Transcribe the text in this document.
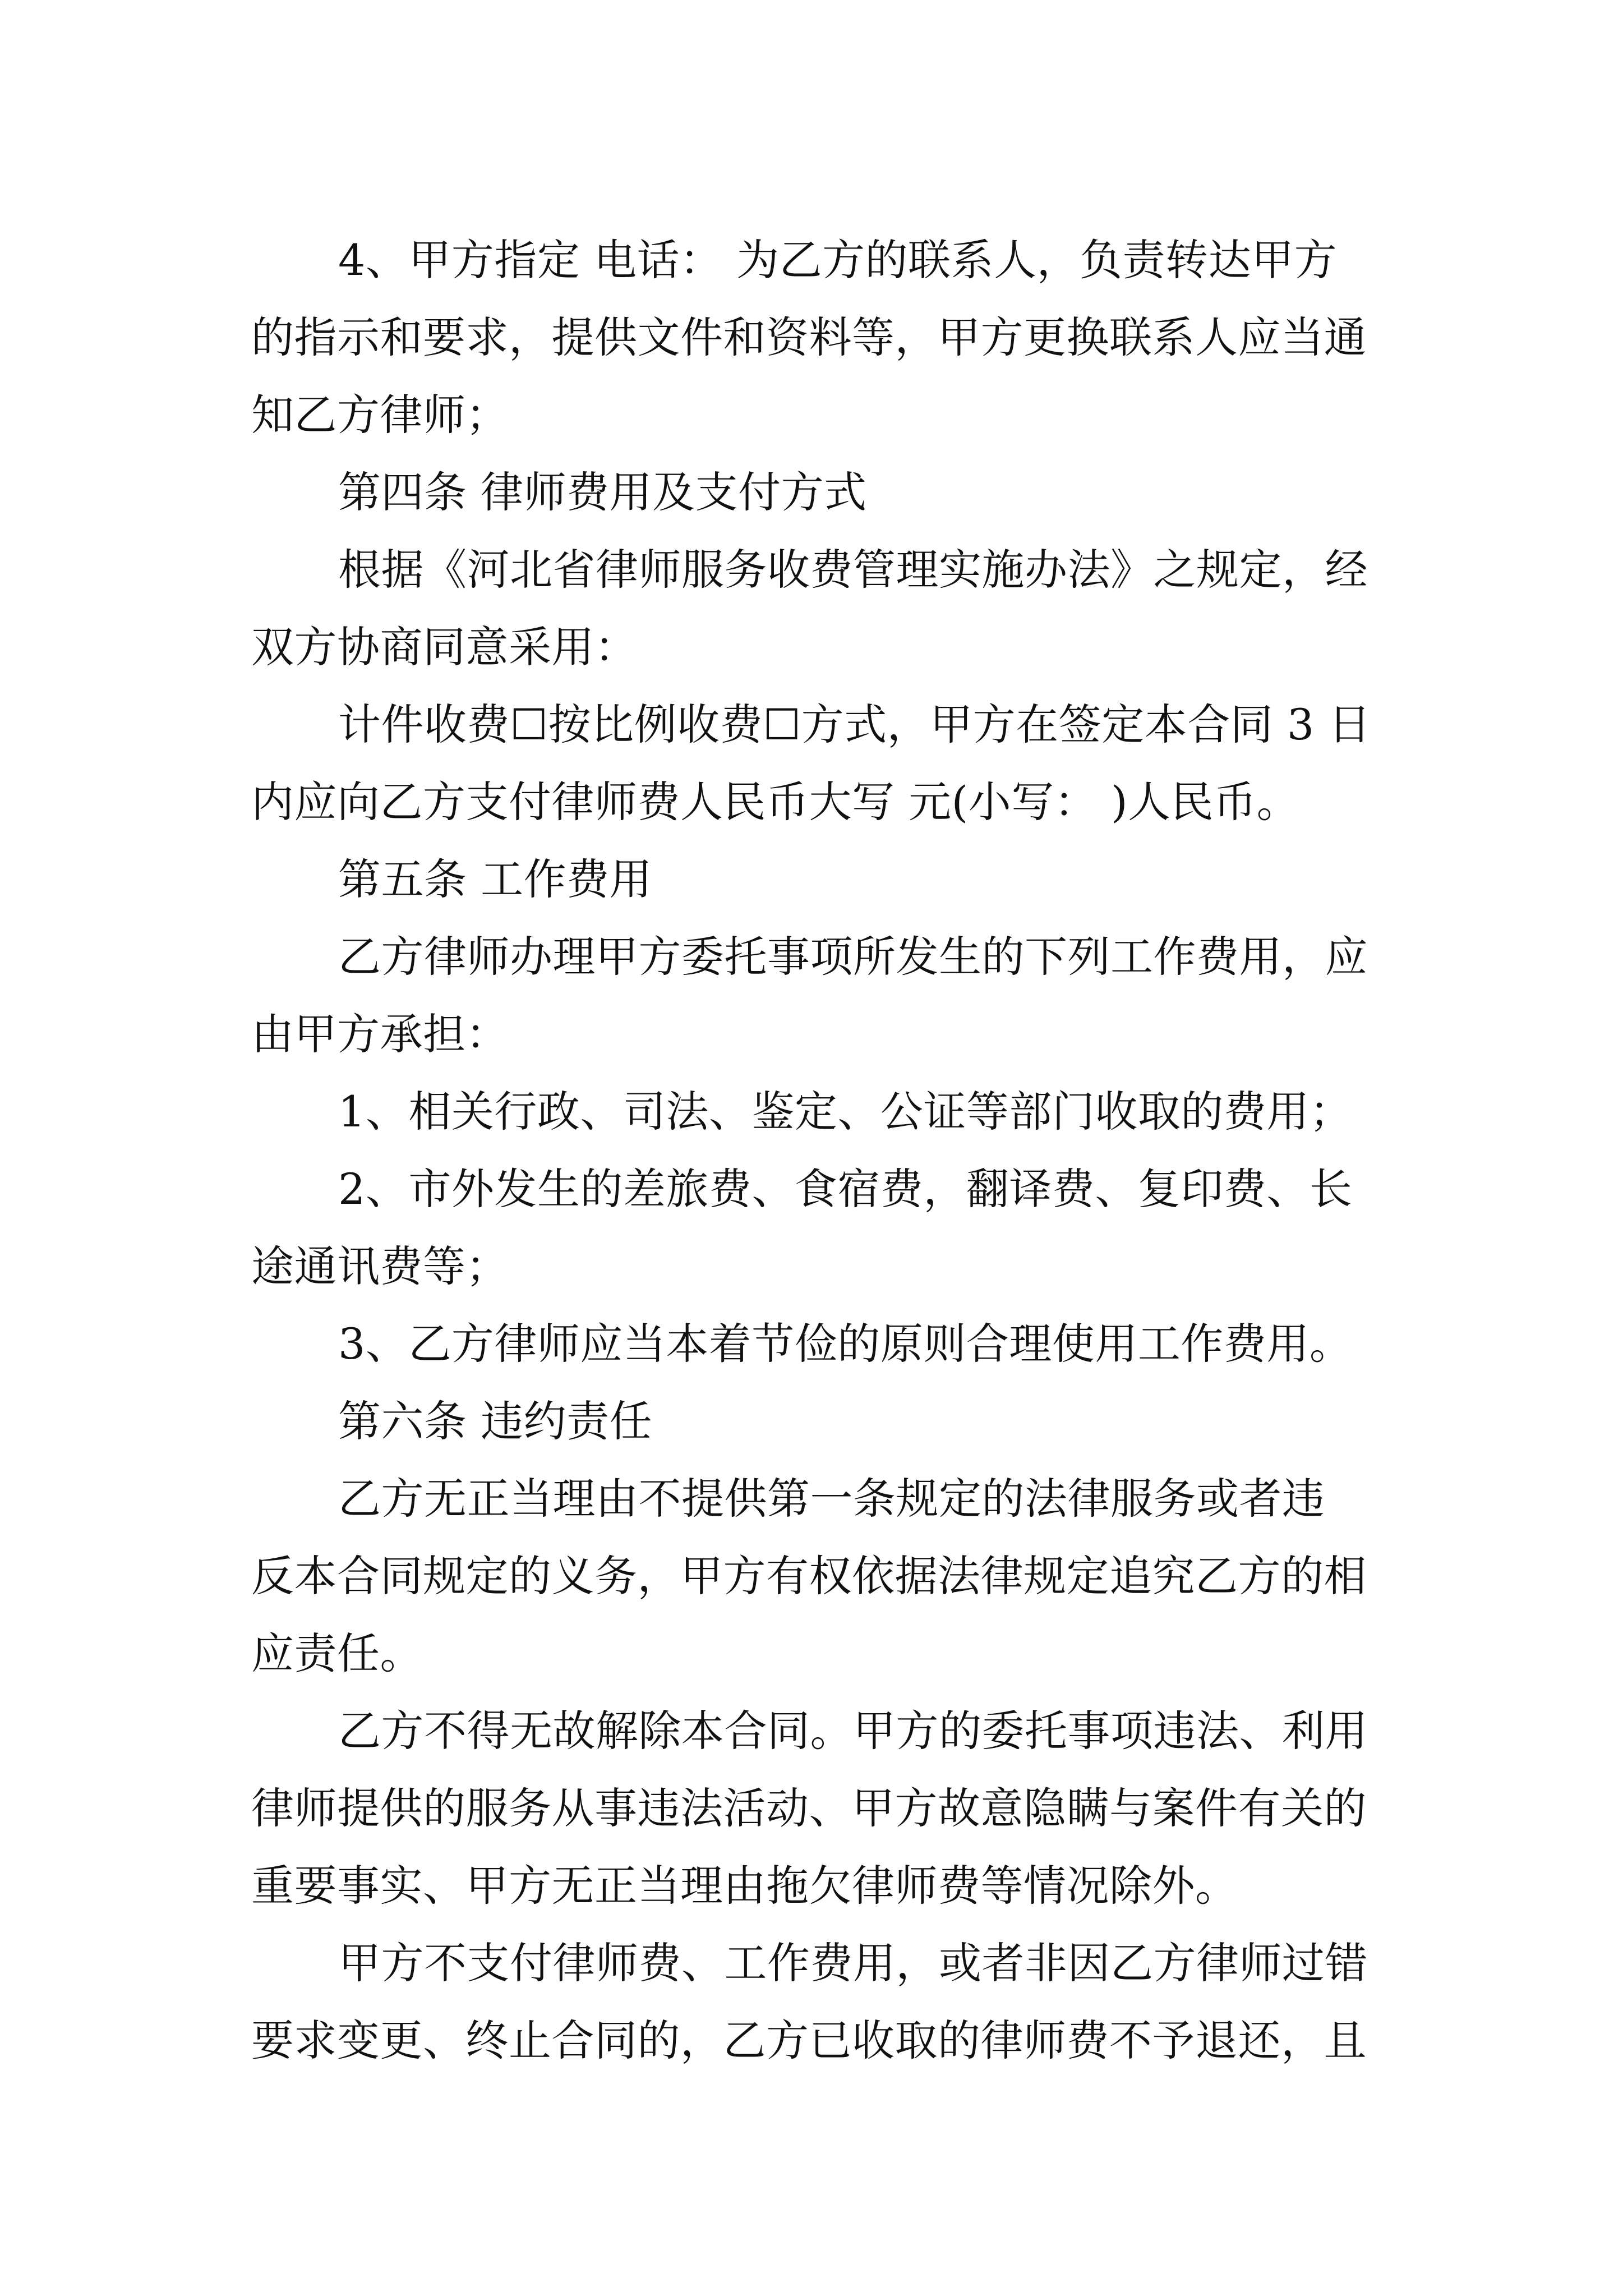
4、甲方指定 电话： 为乙方的联系人，负责转达甲方
的指示和要求，提供文件和资料等，甲方更换联系人应当通
知乙方律师；
第四条 律师费用及支付方式
根据《河北省律师服务收费管理实施办法》之规定，经
双方协商同意采用：
计件收费☐按比例收费☐方式，甲方在签定本合同 3 日
内应向乙方支付律师费人民币大写 元(小写： )人民币。
第五条 工作费用
乙方律师办理甲方委托事项所发生的下列工作费用，应
由甲方承担：
1、相关行政、司法、鉴定、公证等部门收取的费用；
2、市外发生的差旅费、食宿费，翻译费、复印费、长
途通讯费等；
3、乙方律师应当本着节俭的原则合理使用工作费用。
第六条 违约责任
乙方无正当理由不提供第一条规定的法律服务或者违
反本合同规定的义务，甲方有权依据法律规定追究乙方的相
应责任。
乙方不得无故解除本合同。甲方的委托事项违法、利用
律师提供的服务从事违法活动、甲方故意隐瞒与案件有关的
重要事实、甲方无正当理由拖欠律师费等情况除外。
甲方不支付律师费、工作费用，或者非因乙方律师过错
要求变更、终止合同的，乙方已收取的律师费不予退还，且
